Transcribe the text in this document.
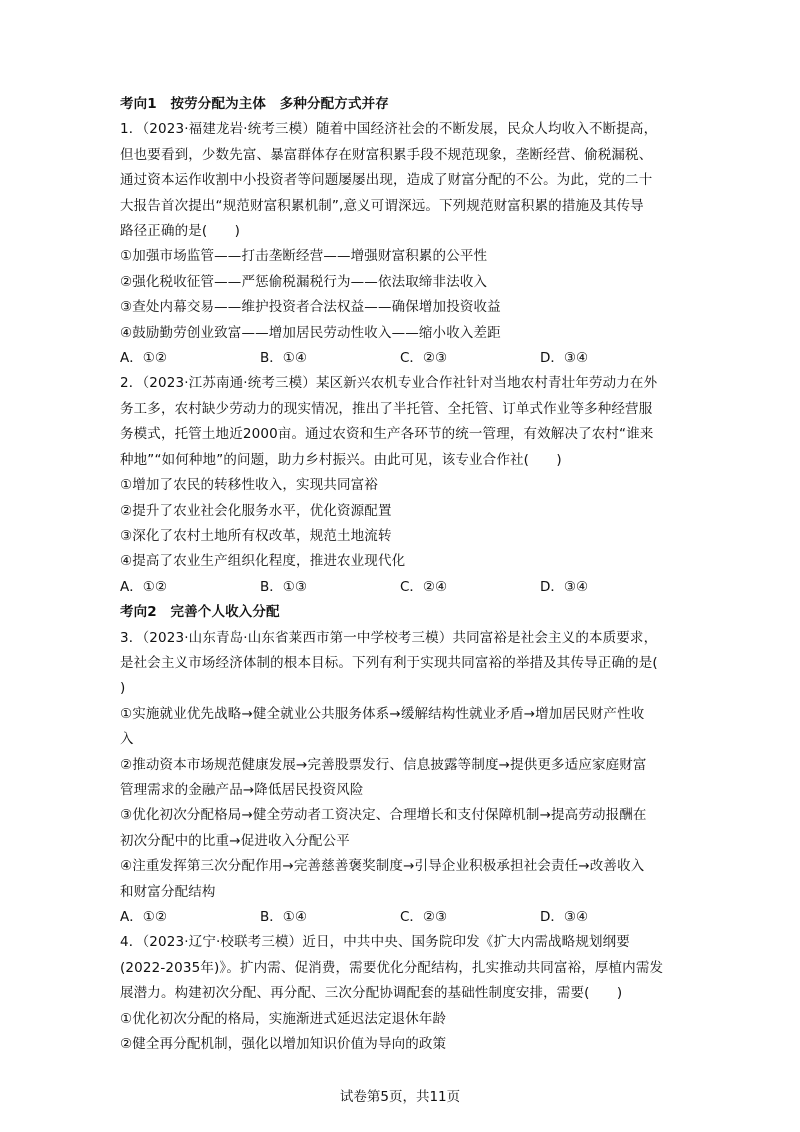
考向1　按劳分配为主体　多种分配方式并存
1．（2023·福建龙岩·统考三模）随着中国经济社会的不断发展，民众人均收入不断提高，
但也要看到，少数先富、暴富群体存在财富积累手段不规范现象，垄断经营、偷税漏税、
通过资本运作收割中小投资者等问题屡屡出现，造成了财富分配的不公。为此，党的二十
大报告首次提出“规范财富积累机制”,意义可谓深远。下列规范财富积累的措施及其传导
路径正确的是(　　)
①加强市场监管——打击垄断经营——增强财富积累的公平性
②强化税收征管——严惩偷税漏税行为——依法取缔非法收入
③查处内幕交易——维护投资者合法权益——确保增加投资收益
④鼓励勤劳创业致富——增加居民劳动性收入——缩小收入差距
A．①②	B．①④	C．②③	D．③④
2．（2023·江苏南通·统考三模）某区新兴农机专业合作社针对当地农村青壮年劳动力在外
务工多，农村缺少劳动力的现实情况，推出了半托管、全托管、订单式作业等多种经营服
务模式，托管土地近2000亩。通过农资和生产各环节的统一管理，有效解决了农村“谁来
种地”“如何种地”的问题，助力乡村振兴。由此可见，该专业合作社(　　)
①增加了农民的转移性收入，实现共同富裕
②提升了农业社会化服务水平，优化资源配置
③深化了农村土地所有权改革，规范土地流转
④提高了农业生产组织化程度，推进农业现代化
A．①②	B．①③	C．②④	D．③④
考向2　完善个人收入分配
3．（2023·山东青岛·山东省莱西市第一中学校考三模）共同富裕是社会主义的本质要求，
是社会主义市场经济体制的根本目标。下列有利于实现共同富裕的举措及其传导正确的是(
)
①实施就业优先战略→健全就业公共服务体系→缓解结构性就业矛盾→增加居民财产性收
入
②推动资本市场规范健康发展→完善股票发行、信息披露等制度→提供更多适应家庭财富
管理需求的金融产品→降低居民投资风险
③优化初次分配格局→健全劳动者工资决定、合理增长和支付保障机制→提高劳动报酬在
初次分配中的比重→促进收入分配公平
④注重发挥第三次分配作用→完善慈善褒奖制度→引导企业积极承担社会责任→改善收入
和财富分配结构
A．①②	B．①④	C．②③	D．③④
4．（2023·辽宁·校联考三模）近日，中共中央、国务院印发《扩大内需战略规划纲要
(2022-2035年)》。扩内需、促消费，需要优化分配结构，扎实推动共同富裕，厚植内需发
展潜力。构建初次分配、再分配、三次分配协调配套的基础性制度安排，需要(　　)
①优化初次分配的格局，实施渐进式延迟法定退休年龄
②健全再分配机制，强化以增加知识价值为导向的政策
试卷第5页，共11页
